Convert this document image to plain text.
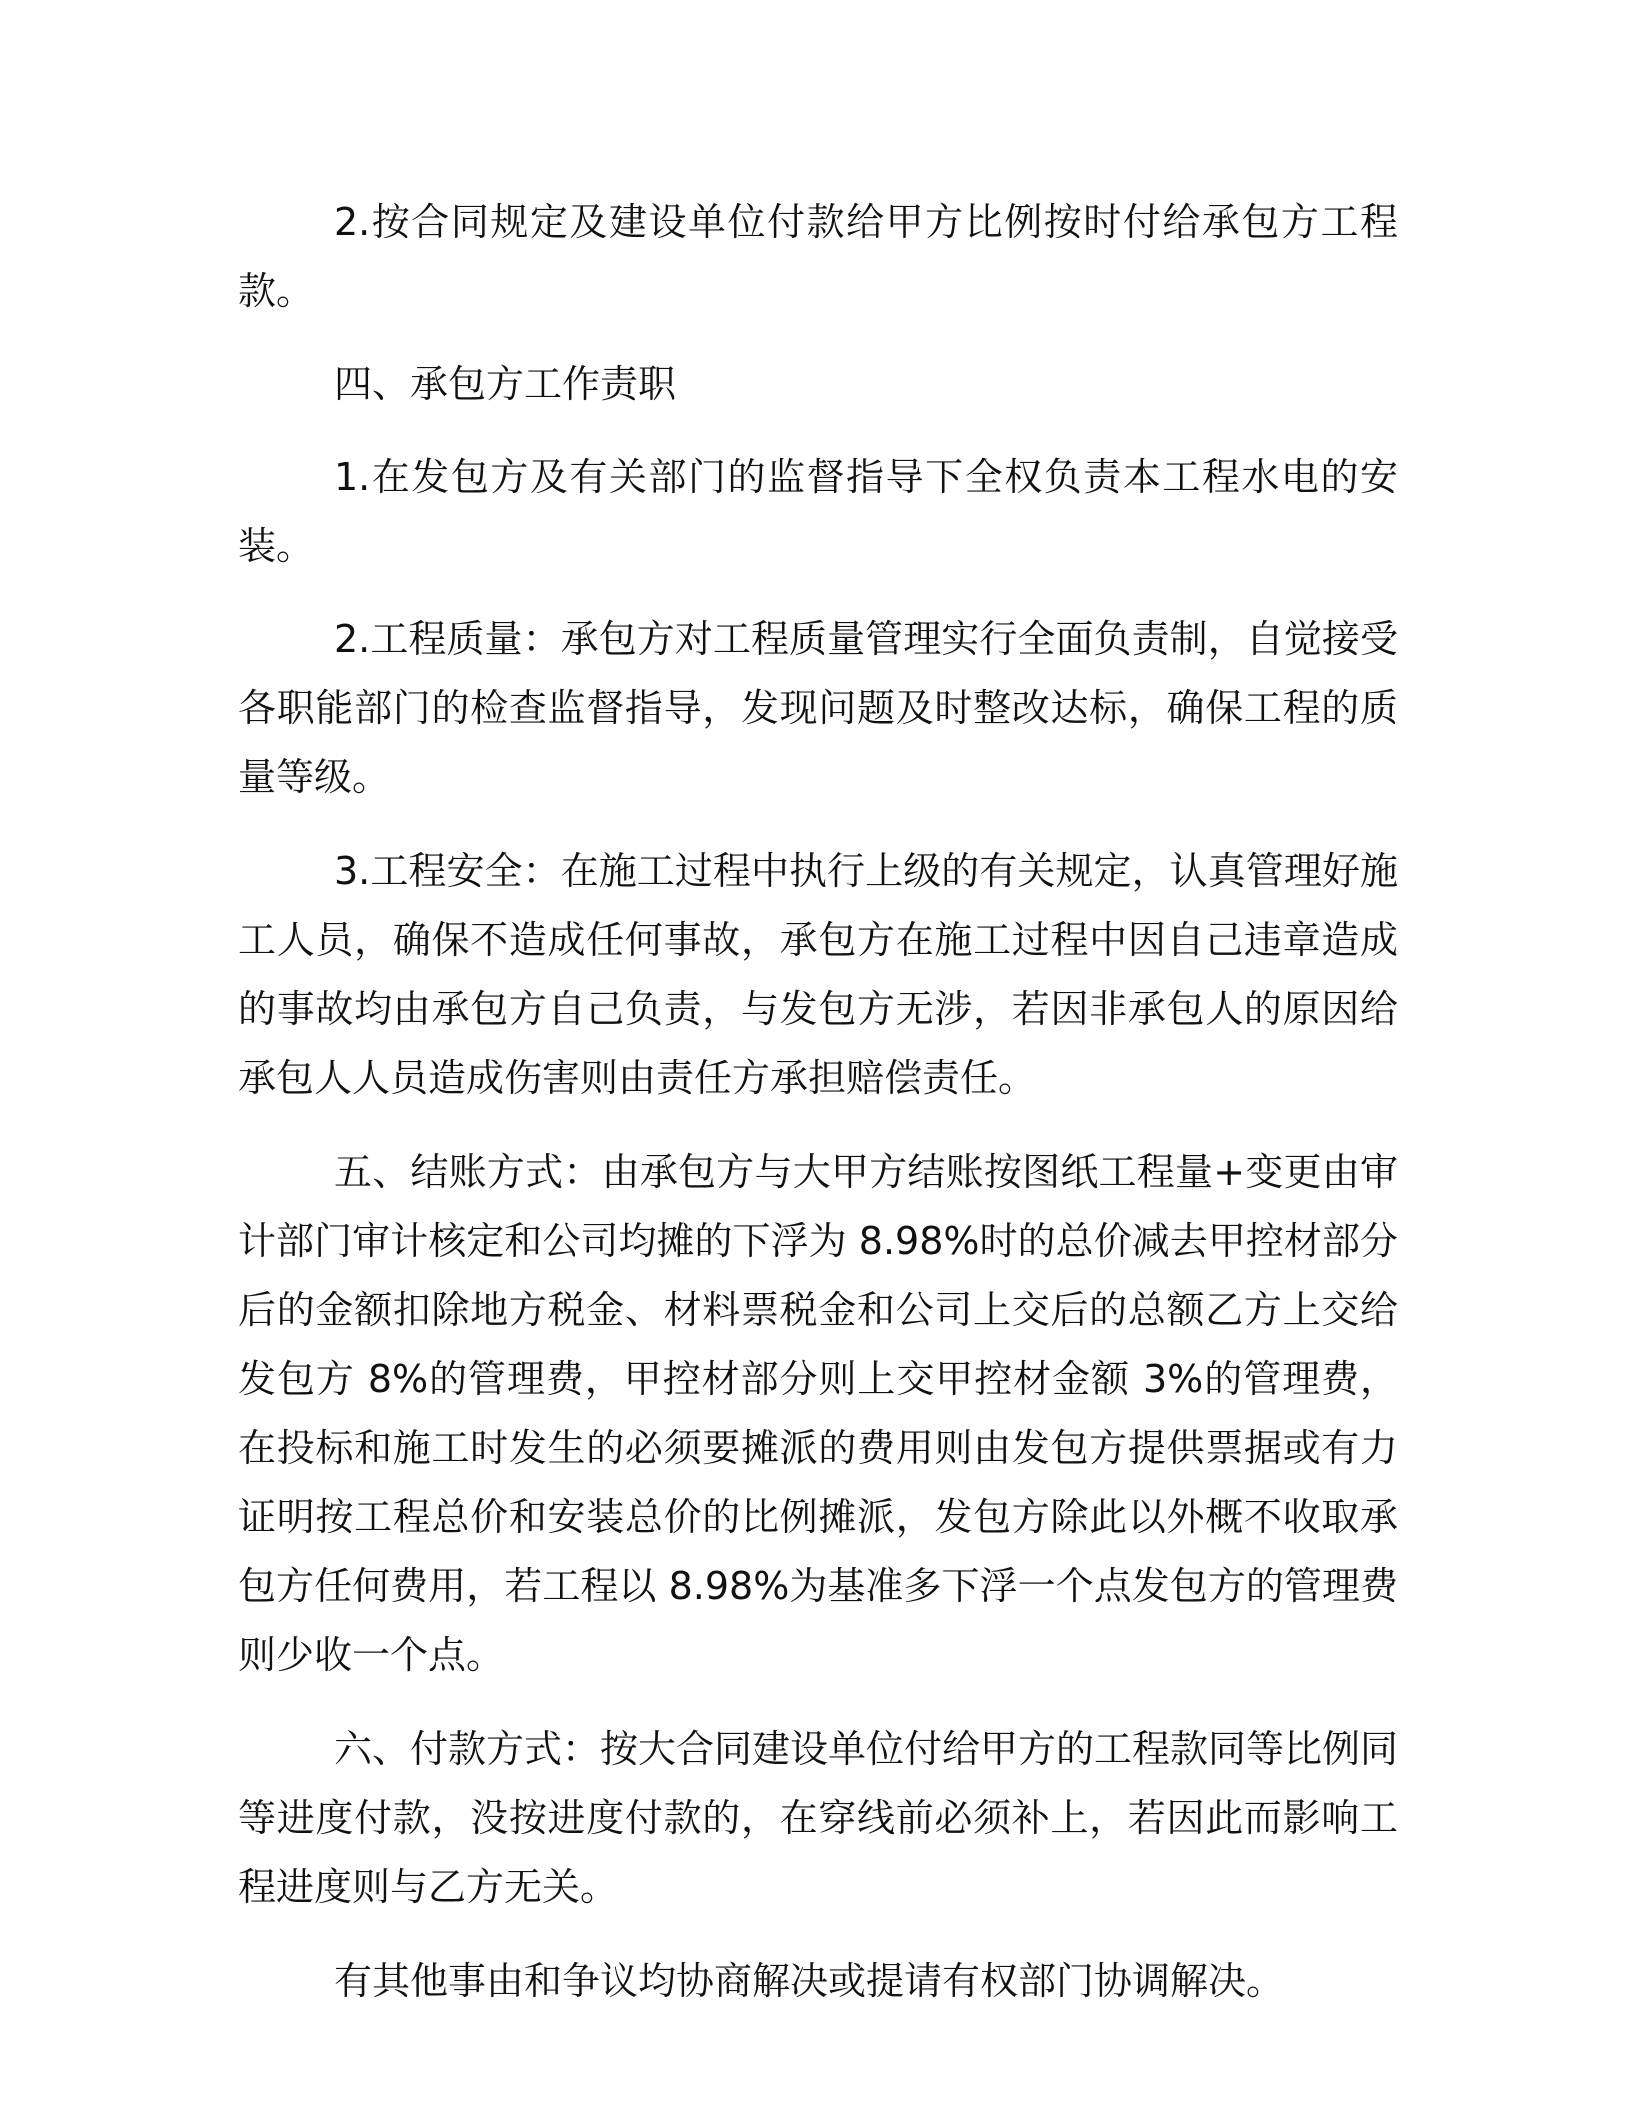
2.按合同规定及建设单位付款给甲方比例按时付给承包方工程款。

四、承包方工作责职

1.在发包方及有关部门的监督指导下全权负责本工程水电的安装。

2.工程质量：承包方对工程质量管理实行全面负责制，自觉接受各职能部门的检查监督指导，发现问题及时整改达标，确保工程的质量等级。

3.工程安全：在施工过程中执行上级的有关规定，认真管理好施工人员，确保不造成任何事故，承包方在施工过程中因自己违章造成的事故均由承包方自己负责，与发包方无涉，若因非承包人的原因给承包人人员造成伤害则由责任方承担赔偿责任。

五、结账方式：由承包方与大甲方结账按图纸工程量+变更由审计部门审计核定和公司均摊的下浮为 8.98%时的总价减去甲控材部分后的金额扣除地方税金、材料票税金和公司上交后的总额乙方上交给发包方 8%的管理费，甲控材部分则上交甲控材金额 3%的管理费，在投标和施工时发生的必须要摊派的费用则由发包方提供票据或有力证明按工程总价和安装总价的比例摊派，发包方除此以外概不收取承包方任何费用，若工程以 8.98%为基准多下浮一个点发包方的管理费则少收一个点。

六、付款方式：按大合同建设单位付给甲方的工程款同等比例同等进度付款，没按进度付款的，在穿线前必须补上，若因此而影响工程进度则与乙方无关。

有其他事由和争议均协商解决或提请有权部门协调解决。
